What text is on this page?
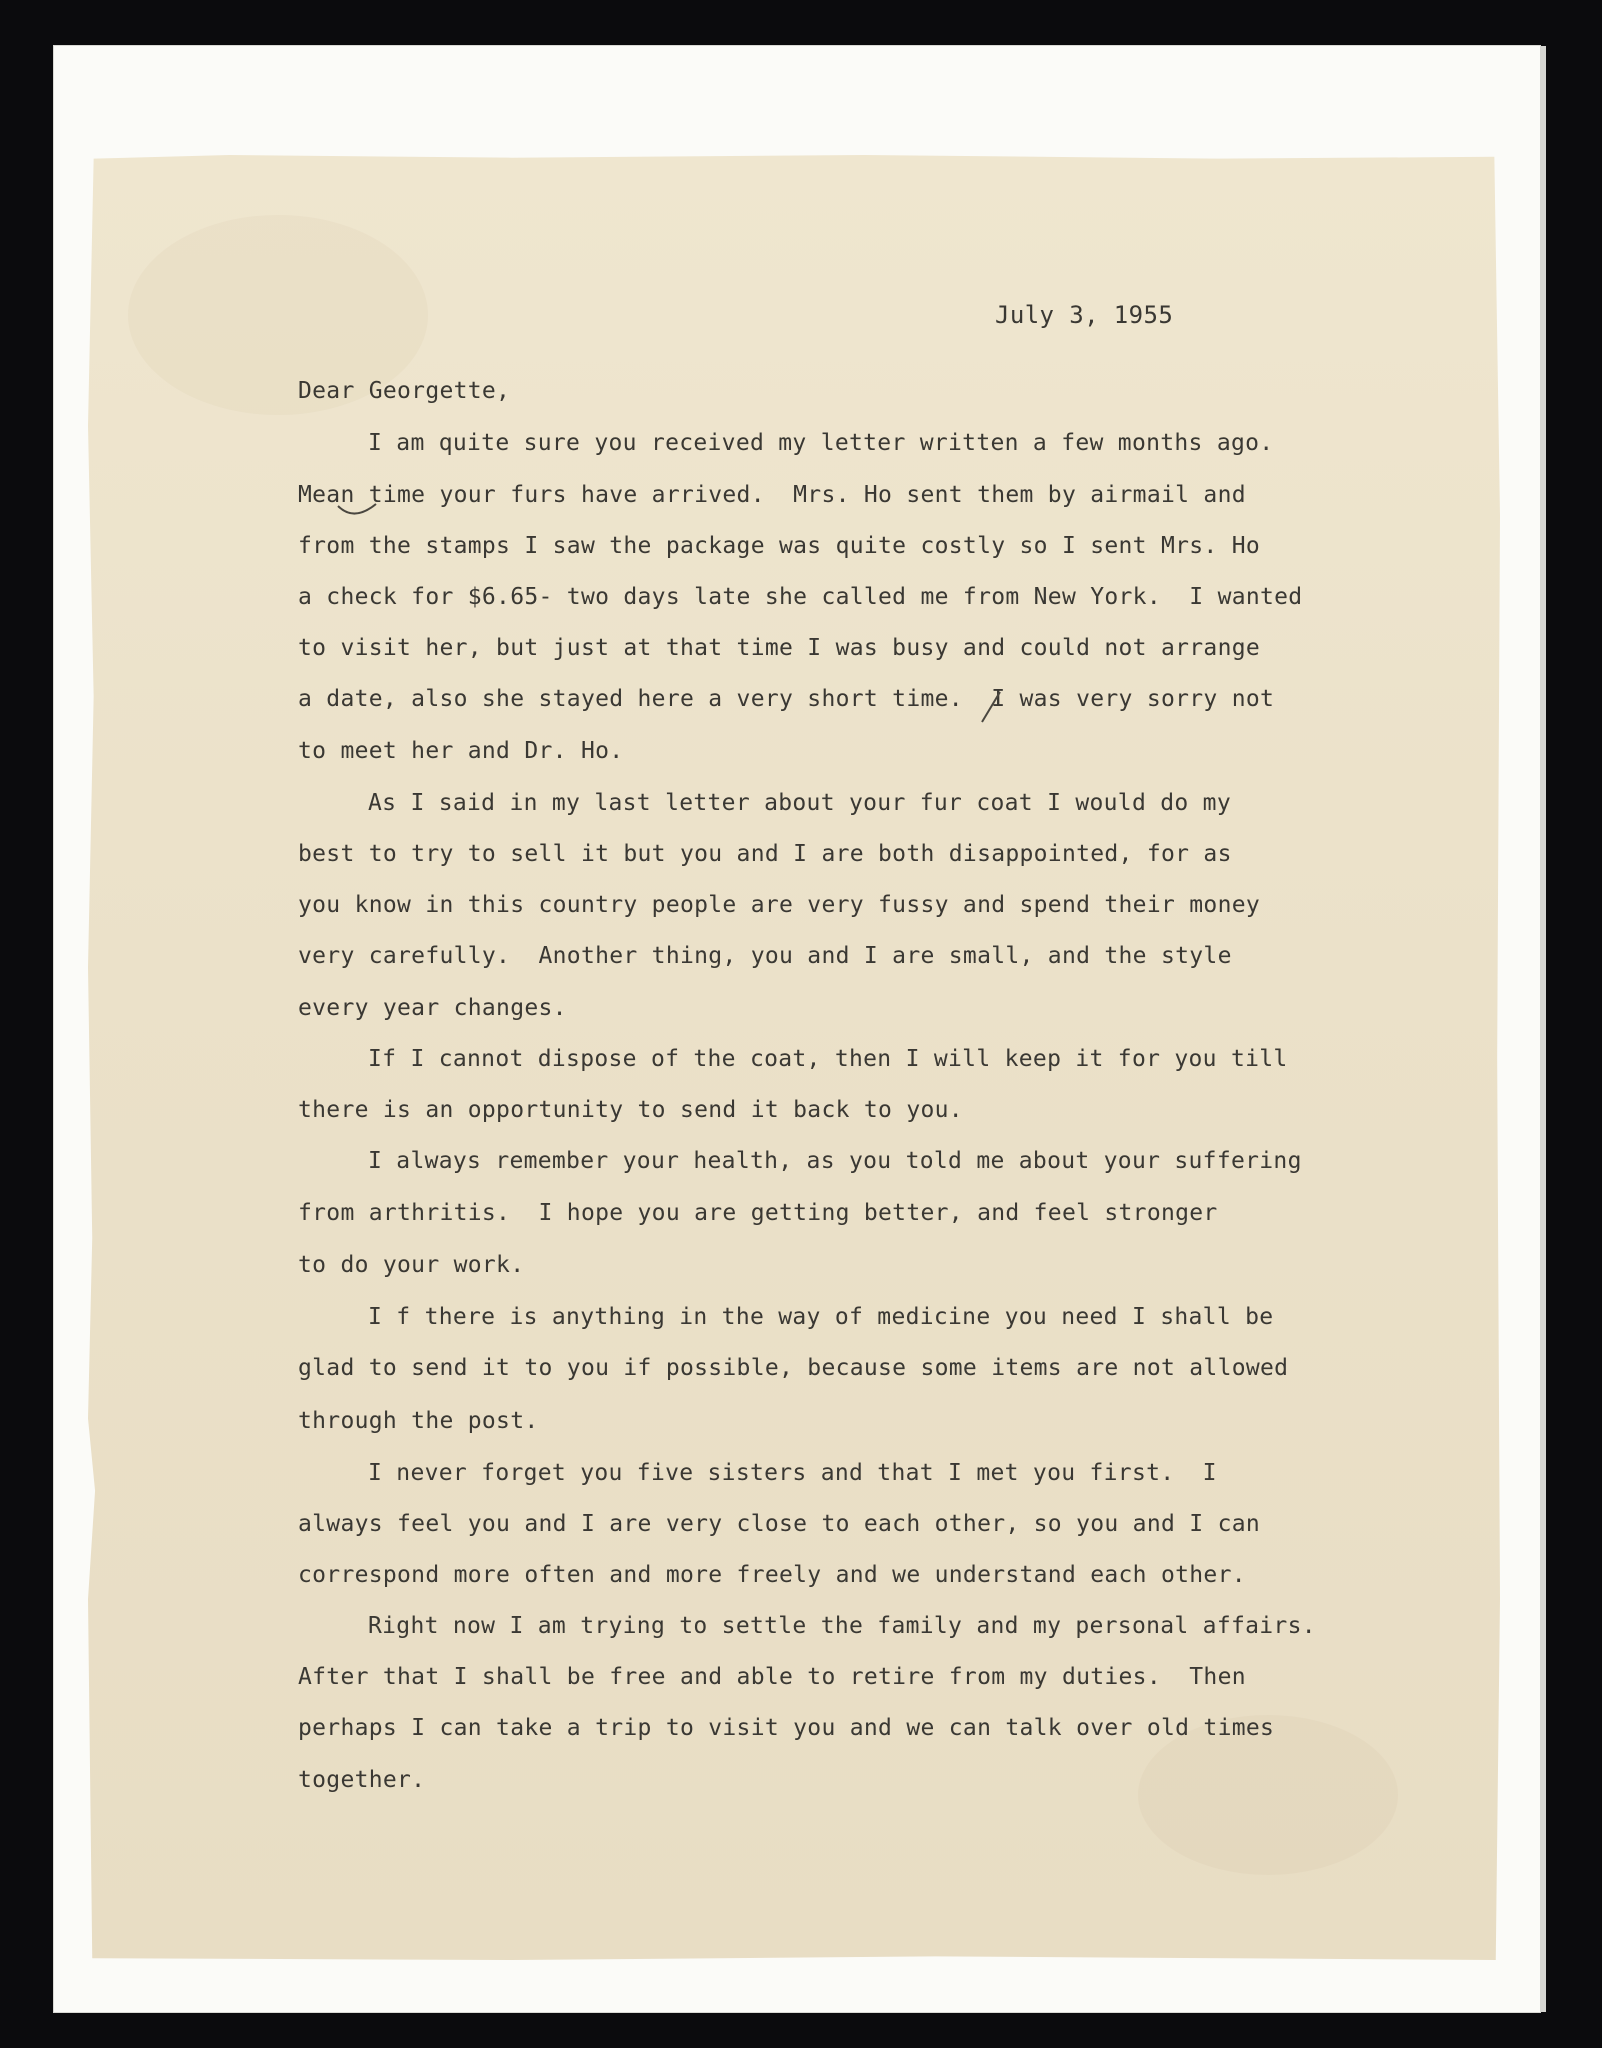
July 3, 1955
Dear Georgette,
I am quite sure you received my letter written a few months ago.
Mean time your furs have arrived.  Mrs. Ho sent them by airmail and
from the stamps I saw the package was quite costly so I sent Mrs. Ho
a check for $6.65- two days late she called me from New York.  I wanted
to visit her, but just at that time I was busy and could not arrange
a date, also she stayed here a very short time.  I was very sorry not
to meet her and Dr. Ho.
As I said in my last letter about your fur coat I would do my
best to try to sell it but you and I are both disappointed, for as
you know in this country people are very fussy and spend their money
very carefully.  Another thing, you and I are small, and the style
every year changes.
If I cannot dispose of the coat, then I will keep it for you till
there is an opportunity to send it back to you.
I always remember your health, as you told me about your suffering
from arthritis.  I hope you are getting better, and feel stronger
to do your work.
I f there is anything in the way of medicine you need I shall be
glad to send it to you if possible, because some items are not allowed
through the post.
I never forget you five sisters and that I met you first.  I
always feel you and I are very close to each other, so you and I can
correspond more often and more freely and we understand each other.
Right now I am trying to settle the family and my personal affairs.
After that I shall be free and able to retire from my duties.  Then
perhaps I can take a trip to visit you and we can talk over old times
together.
